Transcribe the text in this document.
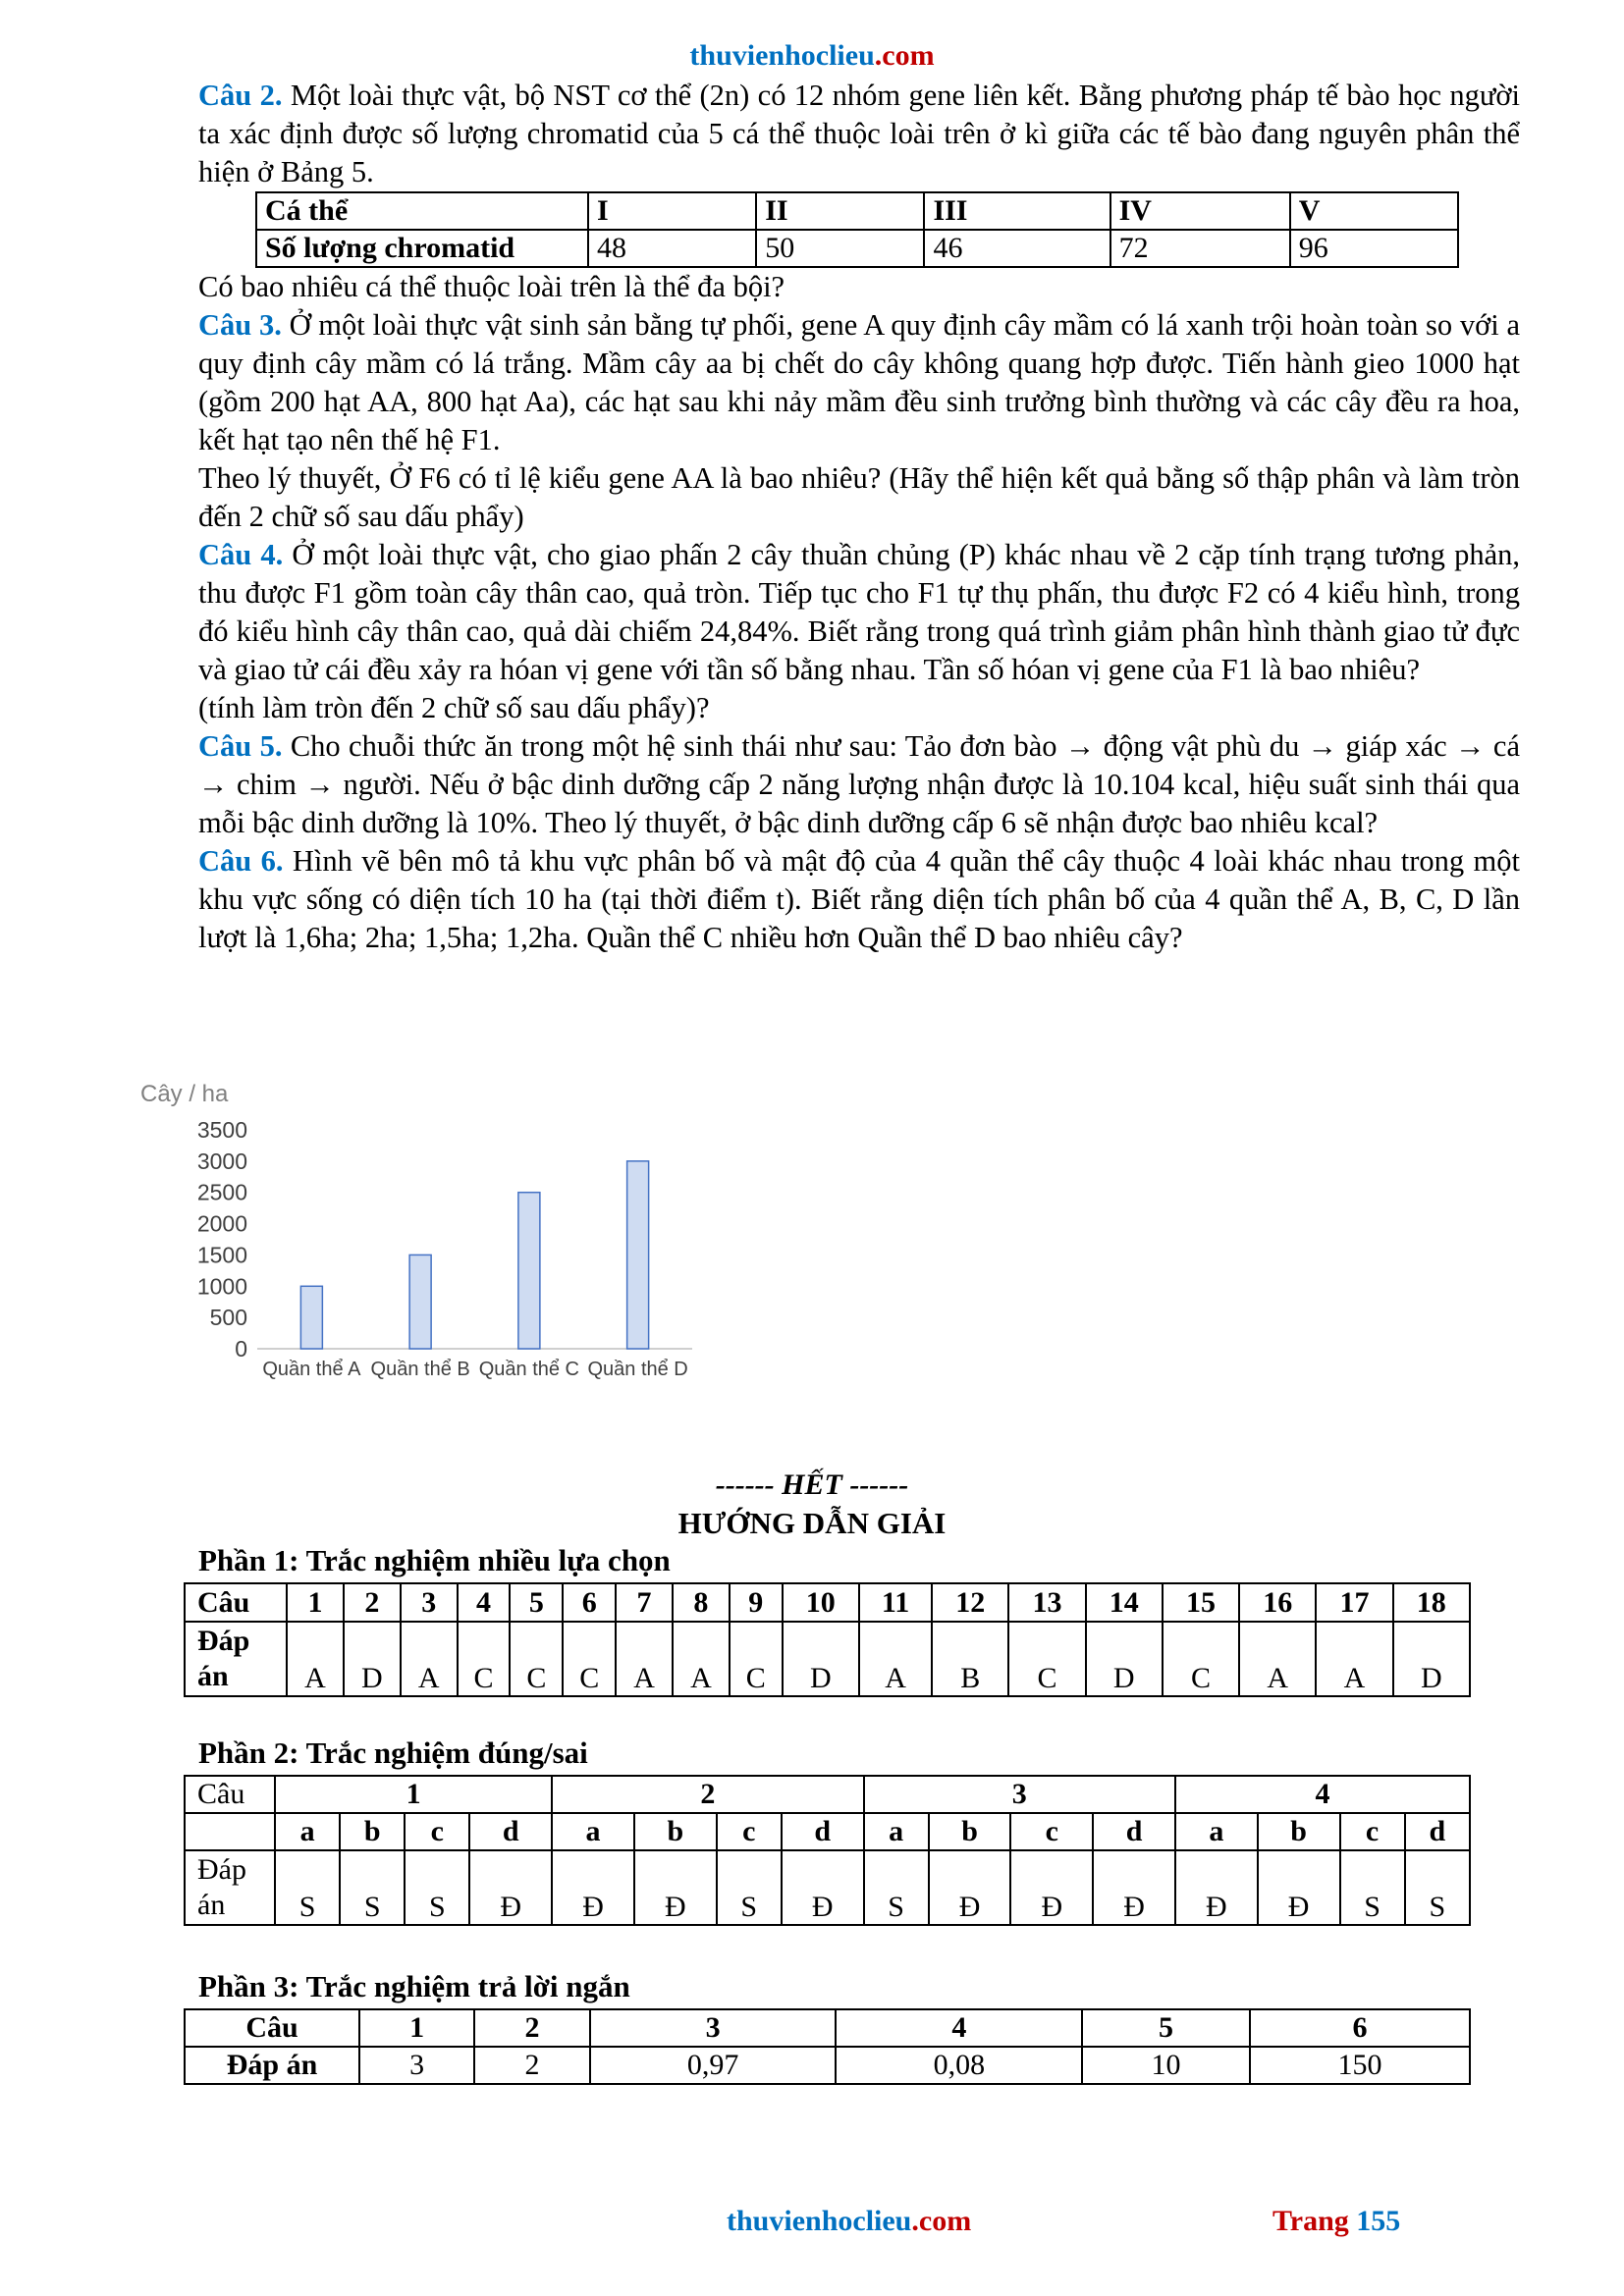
thuvienhoclieu.com

Câu 2. Một loài thực vật, bộ NST cơ thể (2n) có 12 nhóm gene liên kết. Bằng phương pháp tế bào học người ta xác định được số lượng chromatid của 5 cá thể thuộc loài trên ở kì giữa các tế bào đang nguyên phân thể hiện ở Bảng 5.

Cá thể	I	II	III	IV	V
Số lượng chromatid	48	50	46	72	96

Có bao nhiêu cá thể thuộc loài trên là thể đa bội?

Câu 3. Ở một loài thực vật sinh sản bằng tự phối, gene A quy định cây mầm có lá xanh trội hoàn toàn so với a quy định cây mầm có lá trắng. Mầm cây aa bị chết do cây không quang hợp được. Tiến hành gieo 1000 hạt (gồm 200 hạt AA, 800 hạt Aa), các hạt sau khi nảy mầm đều sinh trưởng bình thường và các cây đều ra hoa, kết hạt tạo nên thế hệ F1.

Theo lý thuyết, Ở F6 có tỉ lệ kiểu gene AA là bao nhiêu? (Hãy thể hiện kết quả bằng số thập phân và làm tròn đến 2 chữ số sau dấu phẩy)

Câu 4. Ở một loài thực vật, cho giao phấn 2 cây thuần chủng (P) khác nhau về 2 cặp tính trạng tương phản, thu được F1 gồm toàn cây thân cao, quả tròn. Tiếp tục cho F1 tự thụ phấn, thu được F2 có 4 kiểu hình, trong đó kiểu hình cây thân cao, quả dài chiếm 24,84%. Biết rằng trong quá trình giảm phân hình thành giao tử đực và giao tử cái đều xảy ra hóan vị gene với tần số bằng nhau. Tần số hóan vị gene của F1 là bao nhiêu?

(tính làm tròn đến 2 chữ số sau dấu phẩy)?

Câu 5. Cho chuỗi thức ăn trong một hệ sinh thái như sau: Tảo đơn bào → động vật phù du → giáp xác → cá → chim → người. Nếu ở bậc dinh dưỡng cấp 2 năng lượng nhận được là 10.104 kcal, hiệu suất sinh thái qua mỗi bậc dinh dưỡng là 10%. Theo lý thuyết, ở bậc dinh dưỡng cấp 6 sẽ nhận được bao nhiêu kcal?

Câu 6. Hình vẽ bên mô tả khu vực phân bố và mật độ của 4 quần thể cây thuộc 4 loài khác nhau trong một khu vực sống có diện tích 10 ha (tại thời điểm t). Biết rằng diện tích phân bố của 4 quần thể A, B, C, D lần lượt là 1,6ha; 2ha; 1,5ha; 1,2ha. Quần thể C nhiều hơn Quần thể D bao nhiêu cây?

Cây / ha
0
500
1000
1500
2000
2500
3000
3500
Quần thể A Quần thể B Quần thể C Quần thể D
------ HẾT ------
HƯỚNG DẪN GIẢI
Phần 1: Trắc nghiệm nhiều lựa chọn
Câu	1	2	3	4	5	6	7	8	9	10	11	12	13	14	15	16	17	18
Đáp
án	A	D	A	C	C	C	A	A	C	D	A	B	C	D	C	A	A	D
Phần 2: Trắc nghiệm đúng/sai
Câu	1				2				3				4			
	a	b	c	d	a	b	c	d	a	b	c	d	a	b	c	d
Đáp
án	S	S	S	Đ	Đ	Đ	S	Đ	S	Đ	Đ	Đ	Đ	Đ	S	S
Phần 3: Trắc nghiệm trả lời ngắn
Câu	1	2	3	4	5	6
Đáp án	3	2	0,97	0,08	10	150
thuvienhoclieu.com	Trang 155
